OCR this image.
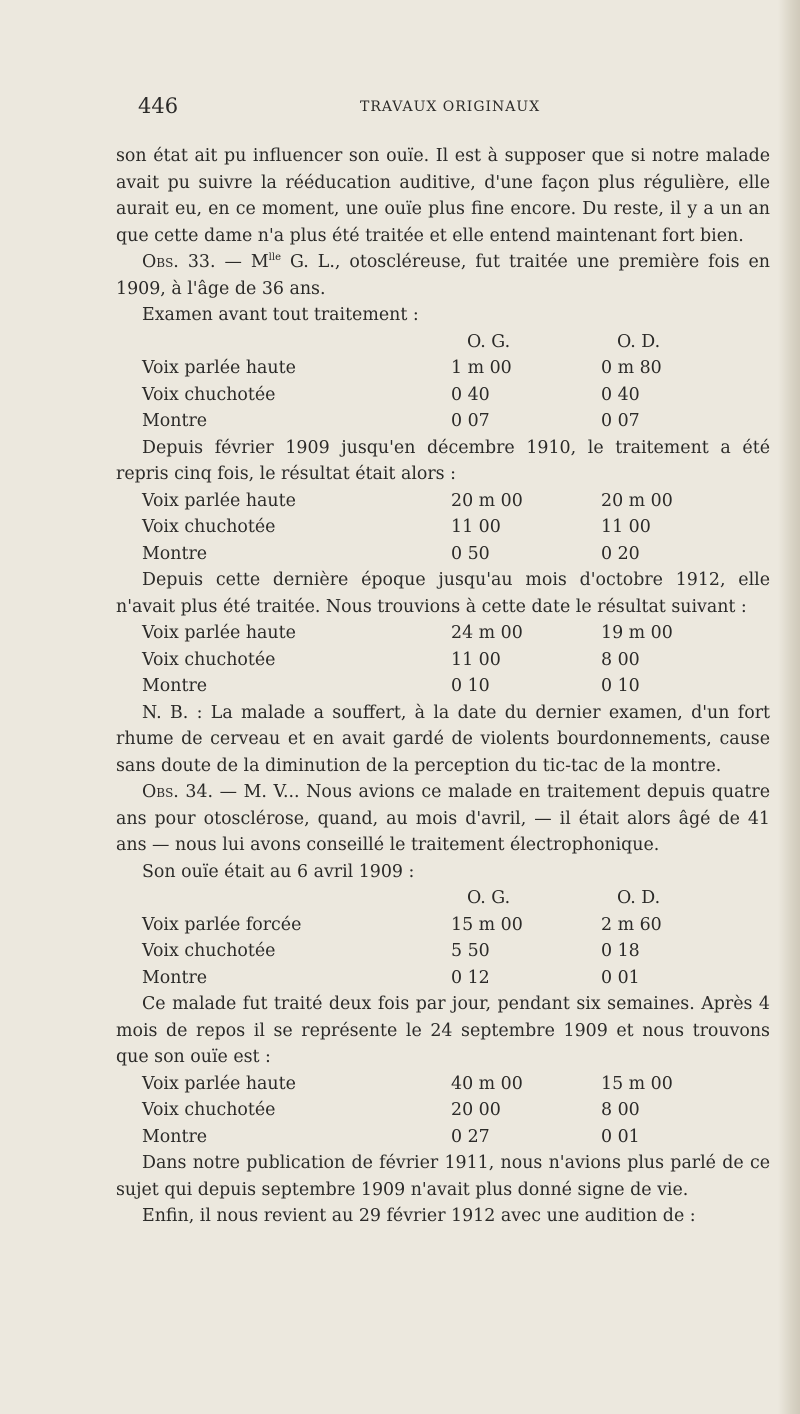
446	TRAVAUX ORIGINAUX

son état ait pu influencer son ouïe. Il est à supposer que si notre malade avait pu suivre la rééducation auditive, d'une façon plus régulière, elle aurait eu, en ce moment, une ouïe plus fine encore. Du reste, il y a un an que cette dame n'a plus été traitée et elle entend maintenant fort bien.

Obs. 33. — $M^{lle}$ G. L., otoscléreuse, fut traitée une première fois en 1909, à l'âge de 36 ans.

Examen avant tout traitement :

O. G.	O. D.
Voix parlée haute	1 m 00	0 m 80
Voix chuchotée	0 40	0 40
Montre	0 07	0 07

Depuis février 1909 jusqu'en décembre 1910, le traitement a été repris cinq fois, le résultat était alors :

Voix parlée haute	20 m 00	20 m 00
Voix chuchotée	11 00	11 00
Montre	0 50	0 20

Depuis cette dernière époque jusqu'au mois d'octobre 1912, elle n'avait plus été traitée. Nous trouvions à cette date le résultat suivant :

Voix parlée haute	24 m 00	19 m 00
Voix chuchotée	11 00	8 00
Montre	0 10	0 10

N. B. : La malade a souffert, à la date du dernier examen, d'un fort rhume de cerveau et en avait gardé de violents bourdonnements, cause sans doute de la diminution de la perception du tic-tac de la montre.

Obs. 34. — M. V... Nous avions ce malade en traitement depuis quatre ans pour otosclérose, quand, au mois d'avril, — il était alors âgé de 41 ans — nous lui avons conseillé le traitement électrophonique.

Son ouïe était au 6 avril 1909 :

O. G.	O. D.
Voix parlée forcée	15 m 00	2 m 60
Voix chuchotée	5 50	0 18
Montre	0 12	0 01

Ce malade fut traité deux fois par jour, pendant six semaines. Après 4 mois de repos il se représente le 24 septembre 1909 et nous trouvons que son ouïe est :

Voix parlée haute	40 m 00	15 m 00
Voix chuchotée	20 00	8 00
Montre	0 27	0 01

Dans notre publication de février 1911, nous n'avions plus parlé de ce sujet qui depuis septembre 1909 n'avait plus donné signe de vie.

Enfin, il nous revient au 29 février 1912 avec une audition de :
